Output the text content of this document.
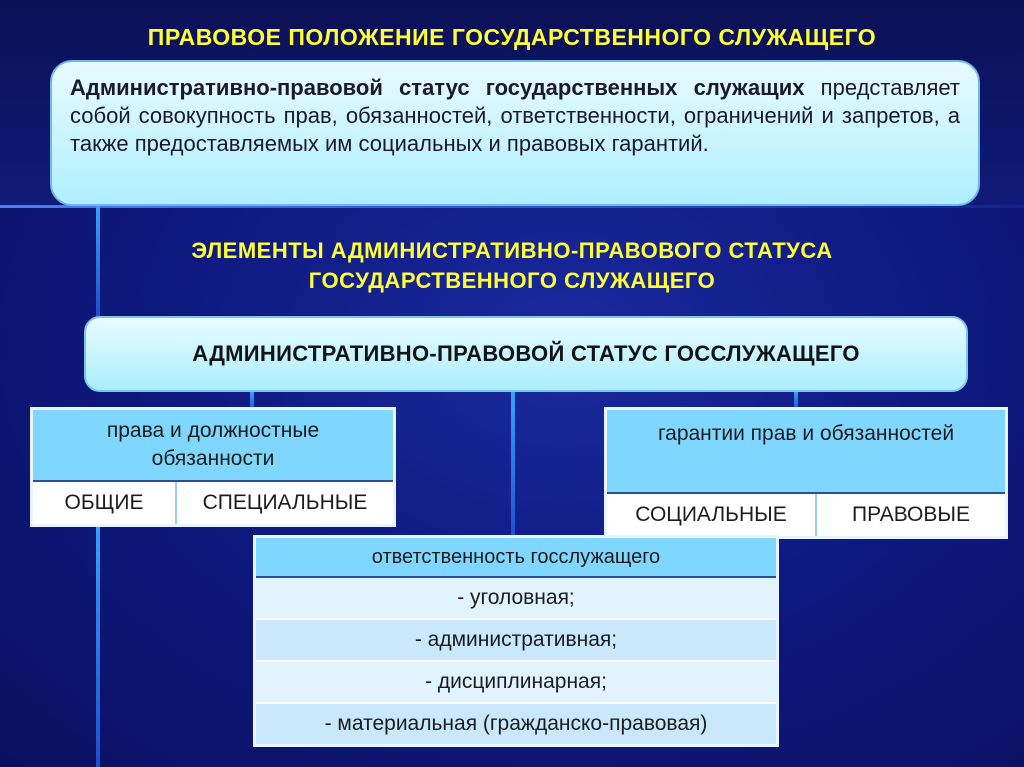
ПРАВОВОЕ ПОЛОЖЕНИЕ ГОСУДАРСТВЕННОГО СЛУЖАЩЕГО
Административно-правовой статус государственных служащих представляет собой совокупность прав, обязанностей, ответственности, ограничений и запретов, а также предоставляемых им социальных и правовых гарантий.
ЭЛЕМЕНТЫ АДМИНИСТРАТИВНО-ПРАВОВОГО СТАТУСА
ГОСУДАРСТВЕННОГО СЛУЖАЩЕГО
АДМИНИСТРАТИВНО-ПРАВОВОЙ СТАТУС ГОССЛУЖАЩЕГО
права и должностные обязанности
ОБЩИЕ	СПЕЦИАЛЬНЫЕ
гарантии прав и обязанностей
СОЦИАЛЬНЫЕ	ПРАВОВЫЕ
ответственность госслужащего
- уголовная;
- административная;
- дисциплинарная;
- материальная (гражданско-правовая)
